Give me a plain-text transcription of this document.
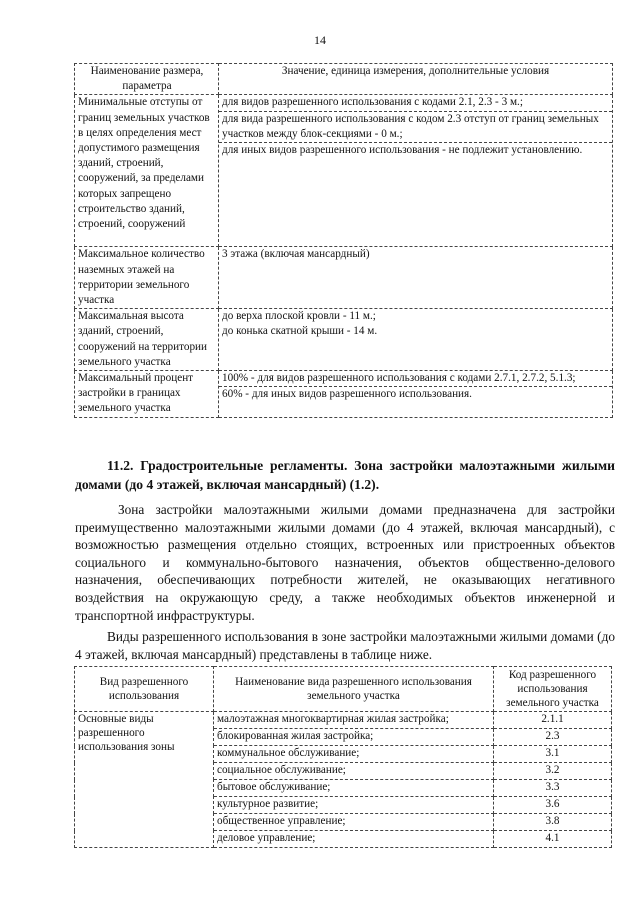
14
Наименование размера, параметра	Значение, единица измерения, дополнительные условия
Минимальные отступы от границ земельных участков в целях определения мест допустимого размещения зданий, строений, сооружений, за пределами которых запрещено строительство зданий, строений, сооружений	для видов разрешенного использования с кодами 2.1, 2.3 - 3 м.;
для вида разрешенного использования с кодом 2.3 отступ от границ земельных участков между блок-секциями - 0 м.;
для иных видов разрешенного использования - не подлежит установлению.

Максимальное количество наземных этажей на территории земельного участка	3 этажа (включая мансардный)

Максимальная высота зданий, строений, сооружений на территории земельного участка	до верха плоской кровли - 11 м.;
до конька скатной крыши - 14 м.

Максимальный процент застройки в границах земельного участка	100% - для видов разрешенного использования с кодами 2.7.1, 2.7.2, 5.1.3;
60% - для иных видов разрешенного использования.
11.2. Градостроительные регламенты. Зона застройки малоэтажными жилыми домами (до 4 этажей, включая мансардный) (1.2).
Зона застройки малоэтажными жилыми домами предназначена для застройки преимущественно малоэтажными жилыми домами (до 4 этажей, включая мансардный), с возможностью размещения отдельно стоящих, встроенных или пристроенных объектов социального и коммунально-бытового назначения, объектов общественно-делового назначения, обеспечивающих потребности жителей, не оказывающих негативного воздействия на окружающую среду, а также необходимых объектов инженерной и транспортной инфраструктуры.
Виды разрешенного использования в зоне застройки малоэтажными жилыми домами (до 4 этажей, включая мансардный) представлены в таблице ниже.
Вид разрешенного использования	Наименование вида разрешенного использования земельного участка	Код разрешенного использования земельного участка
Основные виды разрешенного использования зоны	малоэтажная многоквартирная жилая застройка;	2.1.1
	блокированная жилая застройка;	2.3
	коммунальное обслуживание;	3.1
	социальное обслуживание;	3.2
	бытовое обслуживание;	3.3
	культурное развитие;	3.6
	общественное управление;	3.8
	деловое управление;	4.1
